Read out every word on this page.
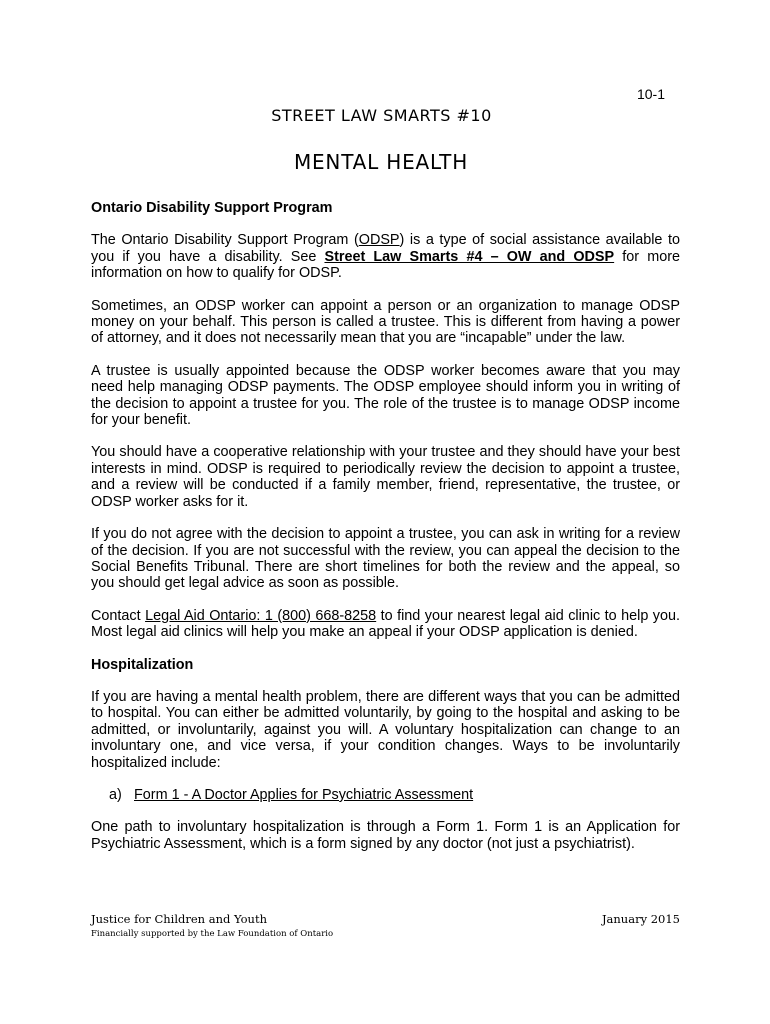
10-1
STREET LAW SMARTS #10
MENTAL HEALTH
Ontario Disability Support Program

The Ontario Disability Support Program (ODSP) is a type of social assistance available to you if you have a disability. See Street Law Smarts #4 – OW and ODSP for more information on how to qualify for ODSP.

Sometimes, an ODSP worker can appoint a person or an organization to manage ODSP money on your behalf. This person is called a trustee. This is different from having a power of attorney, and it does not necessarily mean that you are “incapable” under the law.

A trustee is usually appointed because the ODSP worker becomes aware that you may need help managing ODSP payments. The ODSP employee should inform you in writing of the decision to appoint a trustee for you. The role of the trustee is to manage ODSP income for your benefit.

You should have a cooperative relationship with your trustee and they should have your best interests in mind. ODSP is required to periodically review the decision to appoint a trustee, and a review will be conducted if a family member, friend, representative, the trustee, or ODSP worker asks for it.

If you do not agree with the decision to appoint a trustee, you can ask in writing for a review of the decision. If you are not successful with the review, you can appeal the decision to the Social Benefits Tribunal. There are short timelines for both the review and the appeal, so you should get legal advice as soon as possible.

Contact Legal Aid Ontario: 1 (800) 668-8258 to find your nearest legal aid clinic to help you. Most legal aid clinics will help you make an appeal if your ODSP application is denied.

Hospitalization

If you are having a mental health problem, there are different ways that you can be admitted to hospital. You can either be admitted voluntarily, by going to the hospital and asking to be admitted, or involuntarily, against you will. A voluntary hospitalization can change to an involuntary one, and vice versa, if your condition changes. Ways to be involuntarily hospitalized include:

a) Form 1 - A Doctor Applies for Psychiatric Assessment

One path to involuntary hospitalization is through a Form 1. Form 1 is an Application for Psychiatric Assessment, which is a form signed by any doctor (not just a psychiatrist).

Justice for Children and Youth	January 2015
Financially supported by the Law Foundation of Ontario
